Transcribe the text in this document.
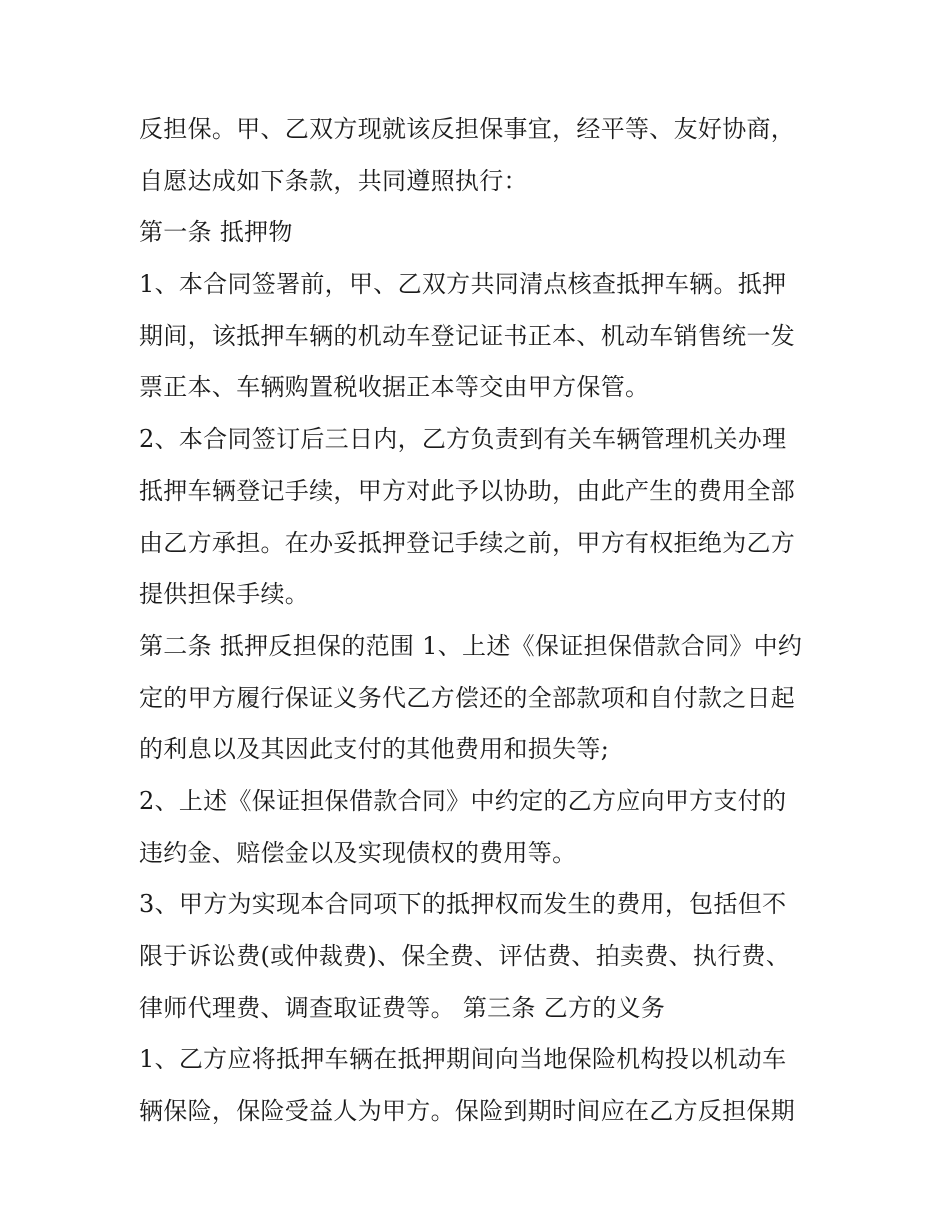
反担保。甲、乙双方现就该反担保事宜，经平等、友好协商，
自愿达成如下条款，共同遵照执行：
第一条 抵押物
1、本合同签署前，甲、乙双方共同清点核查抵押车辆。抵押
期间，该抵押车辆的机动车登记证书正本、机动车销售统一发
票正本、车辆购置税收据正本等交由甲方保管。
2、本合同签订后三日内，乙方负责到有关车辆管理机关办理
抵押车辆登记手续，甲方对此予以协助，由此产生的费用全部
由乙方承担。在办妥抵押登记手续之前，甲方有权拒绝为乙方
提供担保手续。
第二条 抵押反担保的范围 1、上述《保证担保借款合同》中约
定的甲方履行保证义务代乙方偿还的全部款项和自付款之日起
的利息以及其因此支付的其他费用和损失等;
2、上述《保证担保借款合同》中约定的乙方应向甲方支付的
违约金、赔偿金以及实现债权的费用等。
3、甲方为实现本合同项下的抵押权而发生的费用，包括但不
限于诉讼费(或仲裁费)、保全费、评估费、拍卖费、执行费、
律师代理费、调查取证费等。 第三条 乙方的义务
1、乙方应将抵押车辆在抵押期间向当地保险机构投以机动车
辆保险，保险受益人为甲方。保险到期时间应在乙方反担保期
